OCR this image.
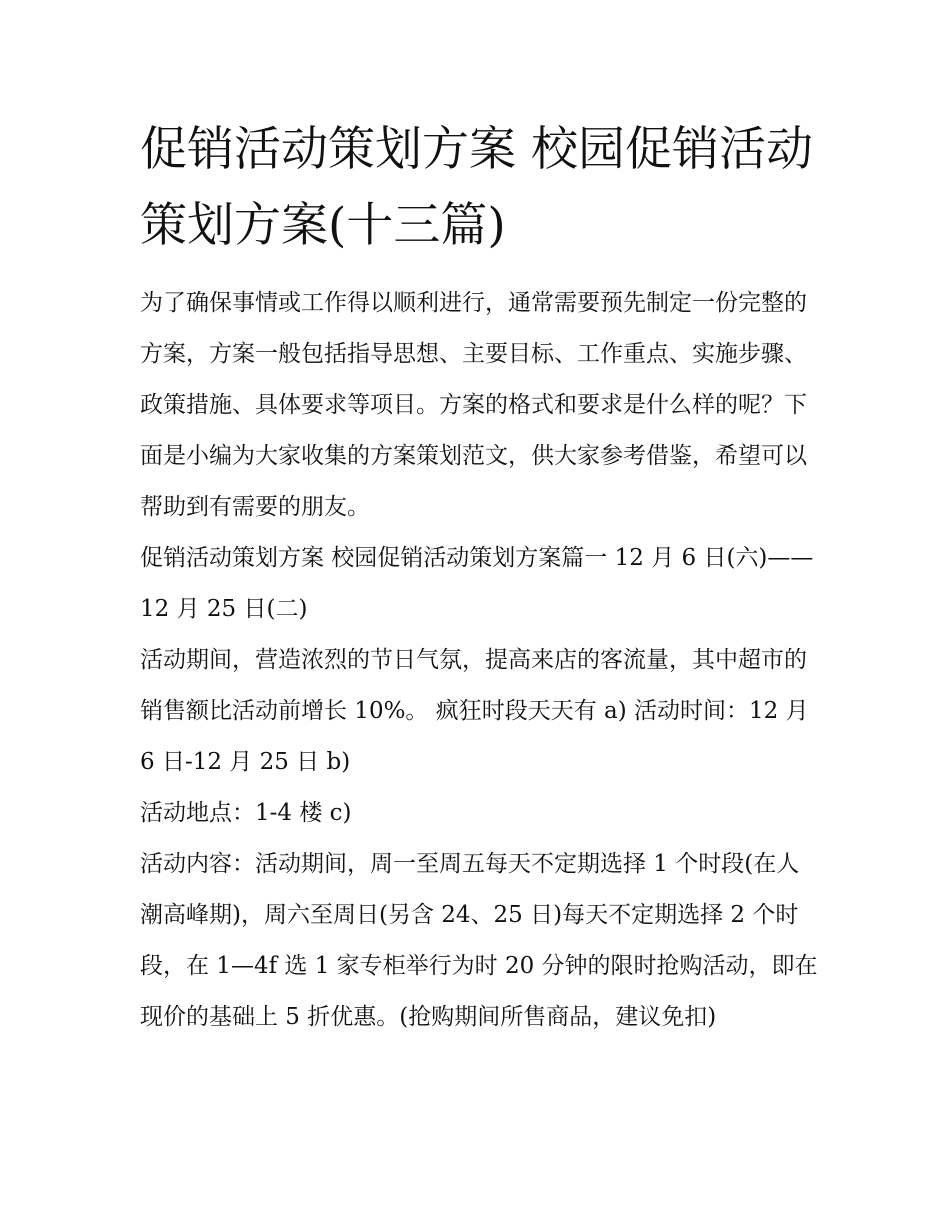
促销活动策划方案 校园促销活动策划方案(十三篇)

为了确保事情或工作得以顺利进行，通常需要预先制定一份完整的方案，方案一般包括指导思想、主要目标、工作重点、实施步骤、政策措施、具体要求等项目。方案的格式和要求是什么样的呢？下面是小编为大家收集的方案策划范文，供大家参考借鉴，希望可以帮助到有需要的朋友。

促销活动策划方案 校园促销活动策划方案篇一 12 月 6 日(六)——12 月 25 日(二)

活动期间，营造浓烈的节日气氛，提高来店的客流量，其中超市的销售额比活动前增长 10%。 疯狂时段天天有 a) 活动时间：12 月 6 日-12 月 25 日 b)

活动地点：1-4 楼 c)

活动内容：活动期间，周一至周五每天不定期选择 1 个时段(在人潮高峰期)，周六至周日(另含 24、25 日)每天不定期选择 2 个时段，在 1—4f 选 1 家专柜举行为时 20 分钟的限时抢购活动，即在现价的基础上 5 折优惠。(抢购期间所售商品，建议免扣)
